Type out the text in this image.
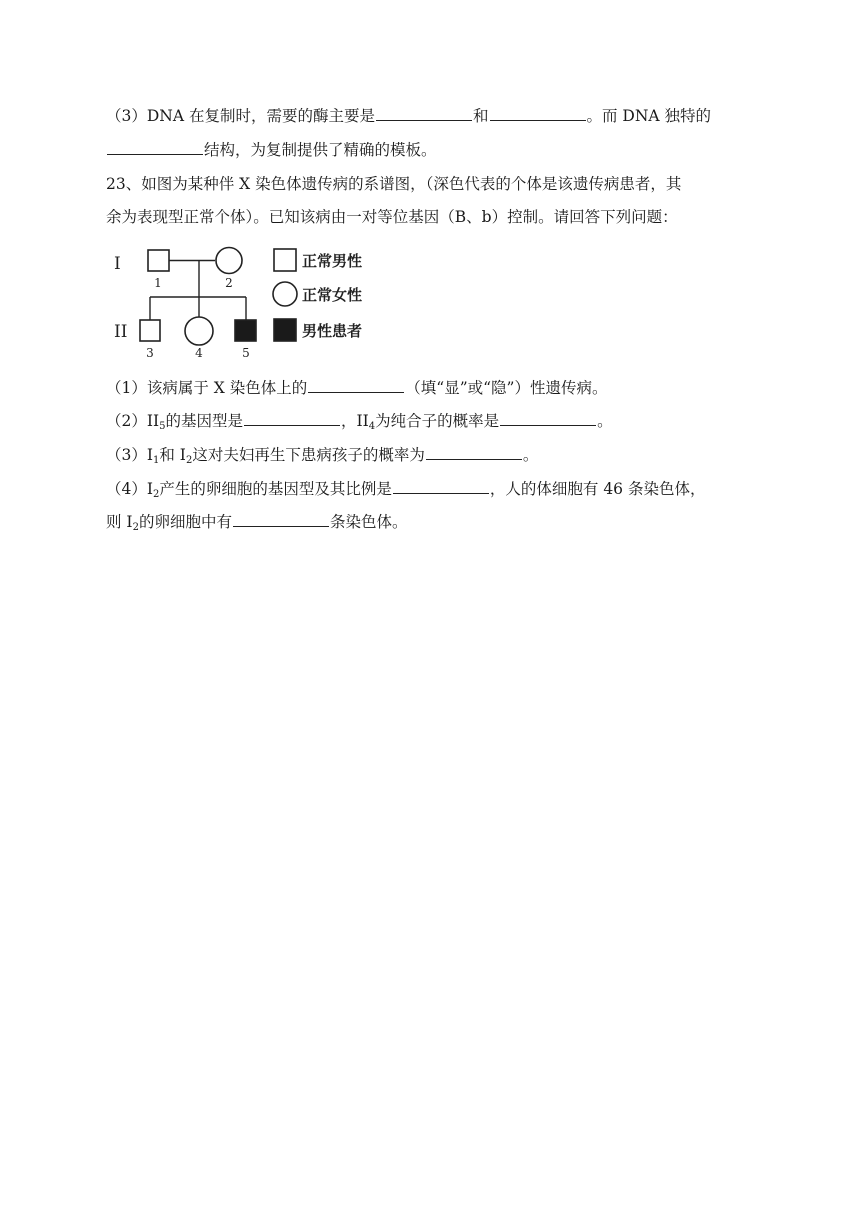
（3）DNA 在复制时，需要的酶主要是	和	。而 DNA 独特的
结构，为复制提供了精确的模板。
23、如图为某种伴 X 染色体遗传病的系谱图，（深色代表的个体是该遗传病患者，其
余为表现型正常个体）。已知该病由一对等位基因（B、b）控制。请回答下列问题：
I
1	2
II
3	4	5
正常男性
正常女性
男性患者
（1）该病属于 X 染色体上的	（填“显”或“隐”）性遗传病。
$(2)II_5$的基因型是	，$II_4$为纯合子的概率是	。
$(3)I_1$和 $I_2$这对夫妇再生下患病孩子的概率为	。
$(4)I_2$产生的卵细胞的基因型及其比例是	，人的体细胞有 46 条染色体，
则 $I_2$的卵细胞中有	条染色体。
